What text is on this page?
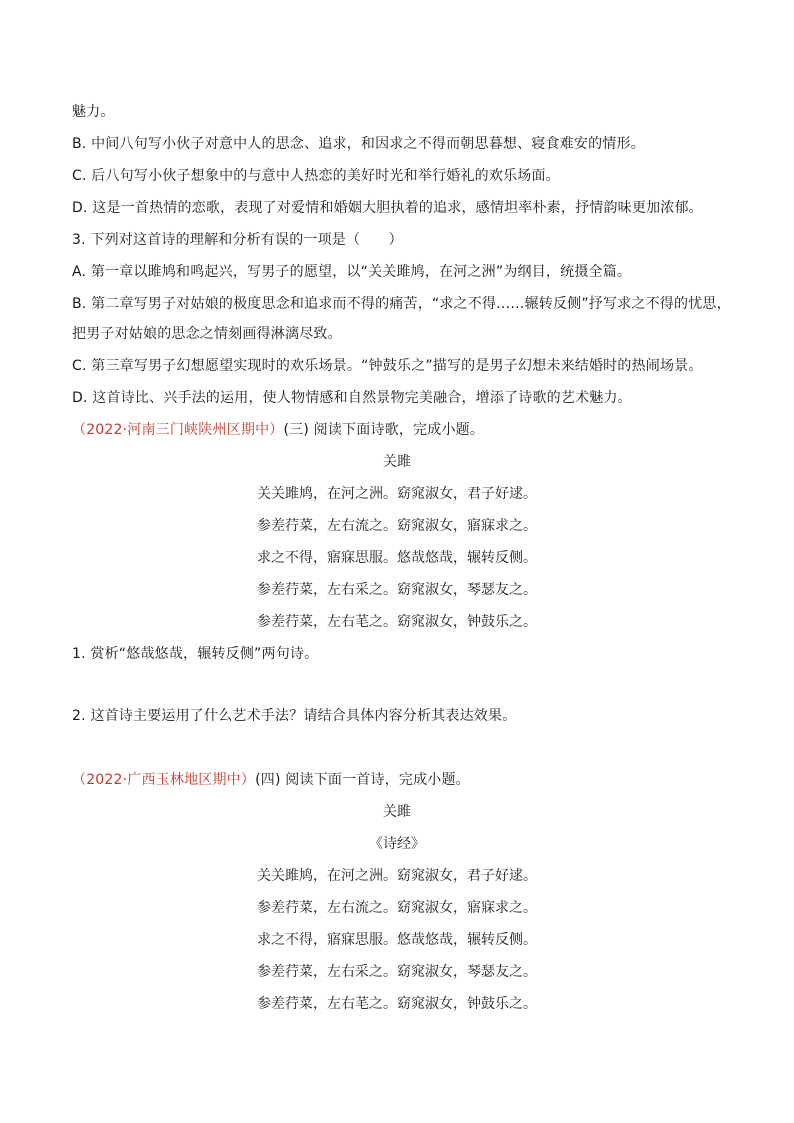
魅力。
B. 中间八句写小伙子对意中人的思念、追求，和因求之不得而朝思暮想、寝食难安的情形。
C. 后八句写小伙子想象中的与意中人热恋的美好时光和举行婚礼的欢乐场面。
D. 这是一首热情的恋歌，表现了对爱情和婚姻大胆执着的追求，感情坦率朴素，抒情韵味更加浓郁。
3. 下列对这首诗的理解和分析有误的一项是（　　）
A. 第一章以雎鸠和鸣起兴，写男子的愿望，以“关关雎鸠，在河之洲”为纲目，统摄全篇。
B. 第二章写男子对姑娘的极度思念和追求而不得的痛苦，“求之不得……辗转反侧”抒写求之不得的忧思，
把男子对姑娘的思念之情刻画得淋漓尽致。
C. 第三章写男子幻想愿望实现时的欢乐场景。“钟鼓乐之”描写的是男子幻想未来结婚时的热闹场景。
D. 这首诗比、兴手法的运用，使人物情感和自然景物完美融合，增添了诗歌的艺术魅力。
（2022·河南三门峡陕州区期中）(三) 阅读下面诗歌，完成小题。
关雎
关关雎鸠，在河之洲。窈窕淑女，君子好逑。
参差荇菜，左右流之。窈窕淑女，寤寐求之。
求之不得，寤寐思服。悠哉悠哉，辗转反侧。
参差荇菜，左右采之。窈窕淑女，琴瑟友之。
参差荇菜，左右芼之。窈窕淑女，钟鼓乐之。
1. 赏析“悠哉悠哉，辗转反侧”两句诗。
2. 这首诗主要运用了什么艺术手法？请结合具体内容分析其表达效果。
（2022·广西玉林地区期中）(四) 阅读下面一首诗，完成小题。
关雎
《诗经》
关关雎鸠，在河之洲。窈窕淑女，君子好逑。
参差荇菜，左右流之。窈窕淑女，寤寐求之。
求之不得，寤寐思服。悠哉悠哉，辗转反侧。
参差荇菜，左右采之。窈窕淑女，琴瑟友之。
参差荇菜，左右芼之。窈窕淑女，钟鼓乐之。
